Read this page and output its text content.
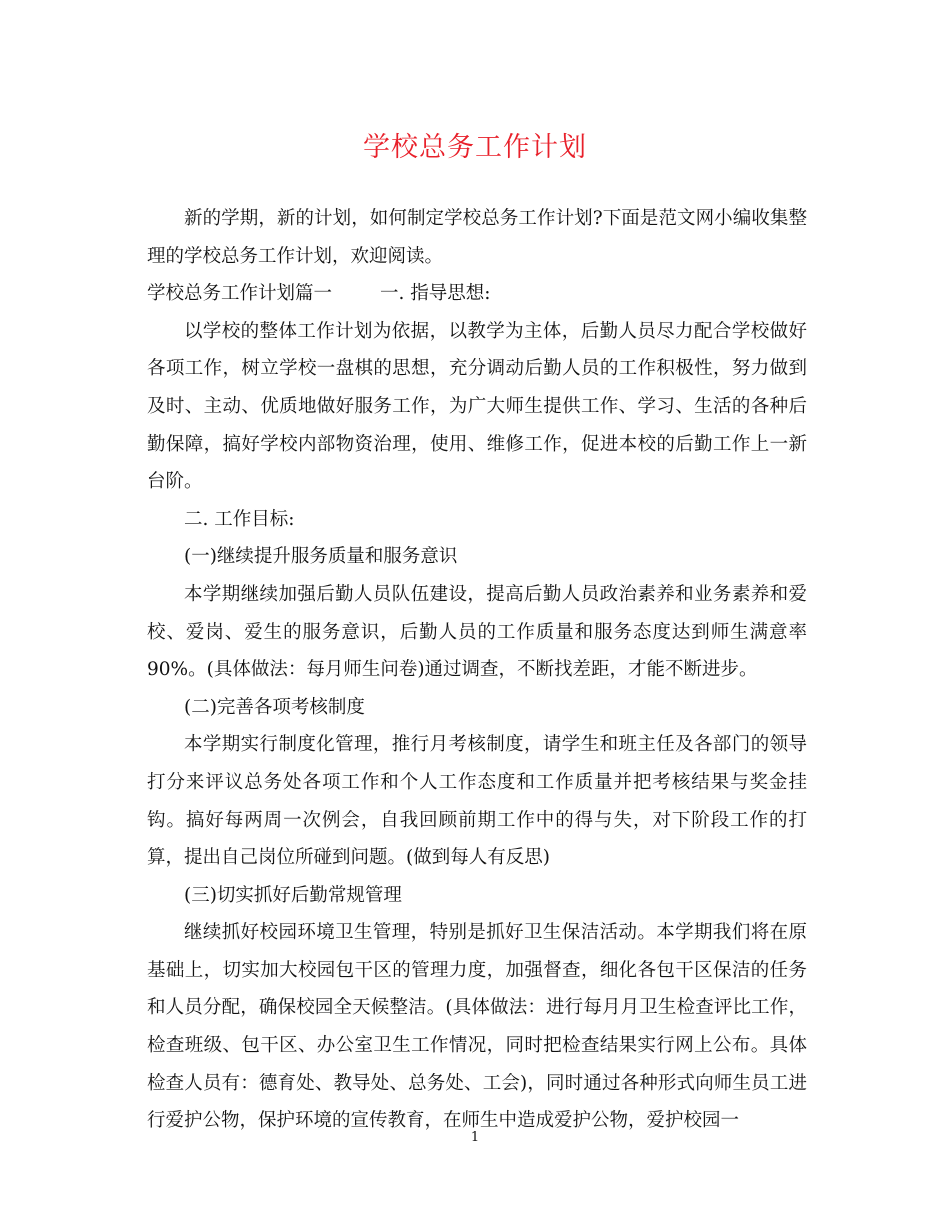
学校总务工作计划

新的学期，新的计划，如何制定学校总务工作计划?下面是范文网小编收集整理的学校总务工作计划，欢迎阅读。

学校总务工作计划篇一	一. 指导思想:

以学校的整体工作计划为依据，以教学为主体，后勤人员尽力配合学校做好各项工作，树立学校一盘棋的思想，充分调动后勤人员的工作积极性，努力做到及时、主动、优质地做好服务工作，为广大师生提供工作、学习、生活的各种后勤保障，搞好学校内部物资治理，使用、维修工作，促进本校的后勤工作上一新台阶。

二. 工作目标:

(一)继续提升服务质量和服务意识

本学期继续加强后勤人员队伍建设，提高后勤人员政治素养和业务素养和爱校、爱岗、爱生的服务意识，后勤人员的工作质量和服务态度达到师生满意率90%。(具体做法：每月师生问卷)通过调查，不断找差距，才能不断进步。

(二)完善各项考核制度

本学期实行制度化管理，推行月考核制度，请学生和班主任及各部门的领导打分来评议总务处各项工作和个人工作态度和工作质量并把考核结果与奖金挂钩。搞好每两周一次例会，自我回顾前期工作中的得与失，对下阶段工作的打算，提出自己岗位所碰到问题。(做到每人有反思)

(三)切实抓好后勤常规管理

继续抓好校园环境卫生管理，特别是抓好卫生保洁活动。本学期我们将在原基础上，切实加大校园包干区的管理力度，加强督查，细化各包干区保洁的任务和人员分配，确保校园全天候整洁。(具体做法：进行每月月卫生检查评比工作，检查班级、包干区、办公室卫生工作情况，同时把检查结果实行网上公布。具体检查人员有：德育处、教导处、总务处、工会)，同时通过各种形式向师生员工进行爱护公物，保护环境的宣传教育，在师生中造成爱护公物，爱护校园一

1
